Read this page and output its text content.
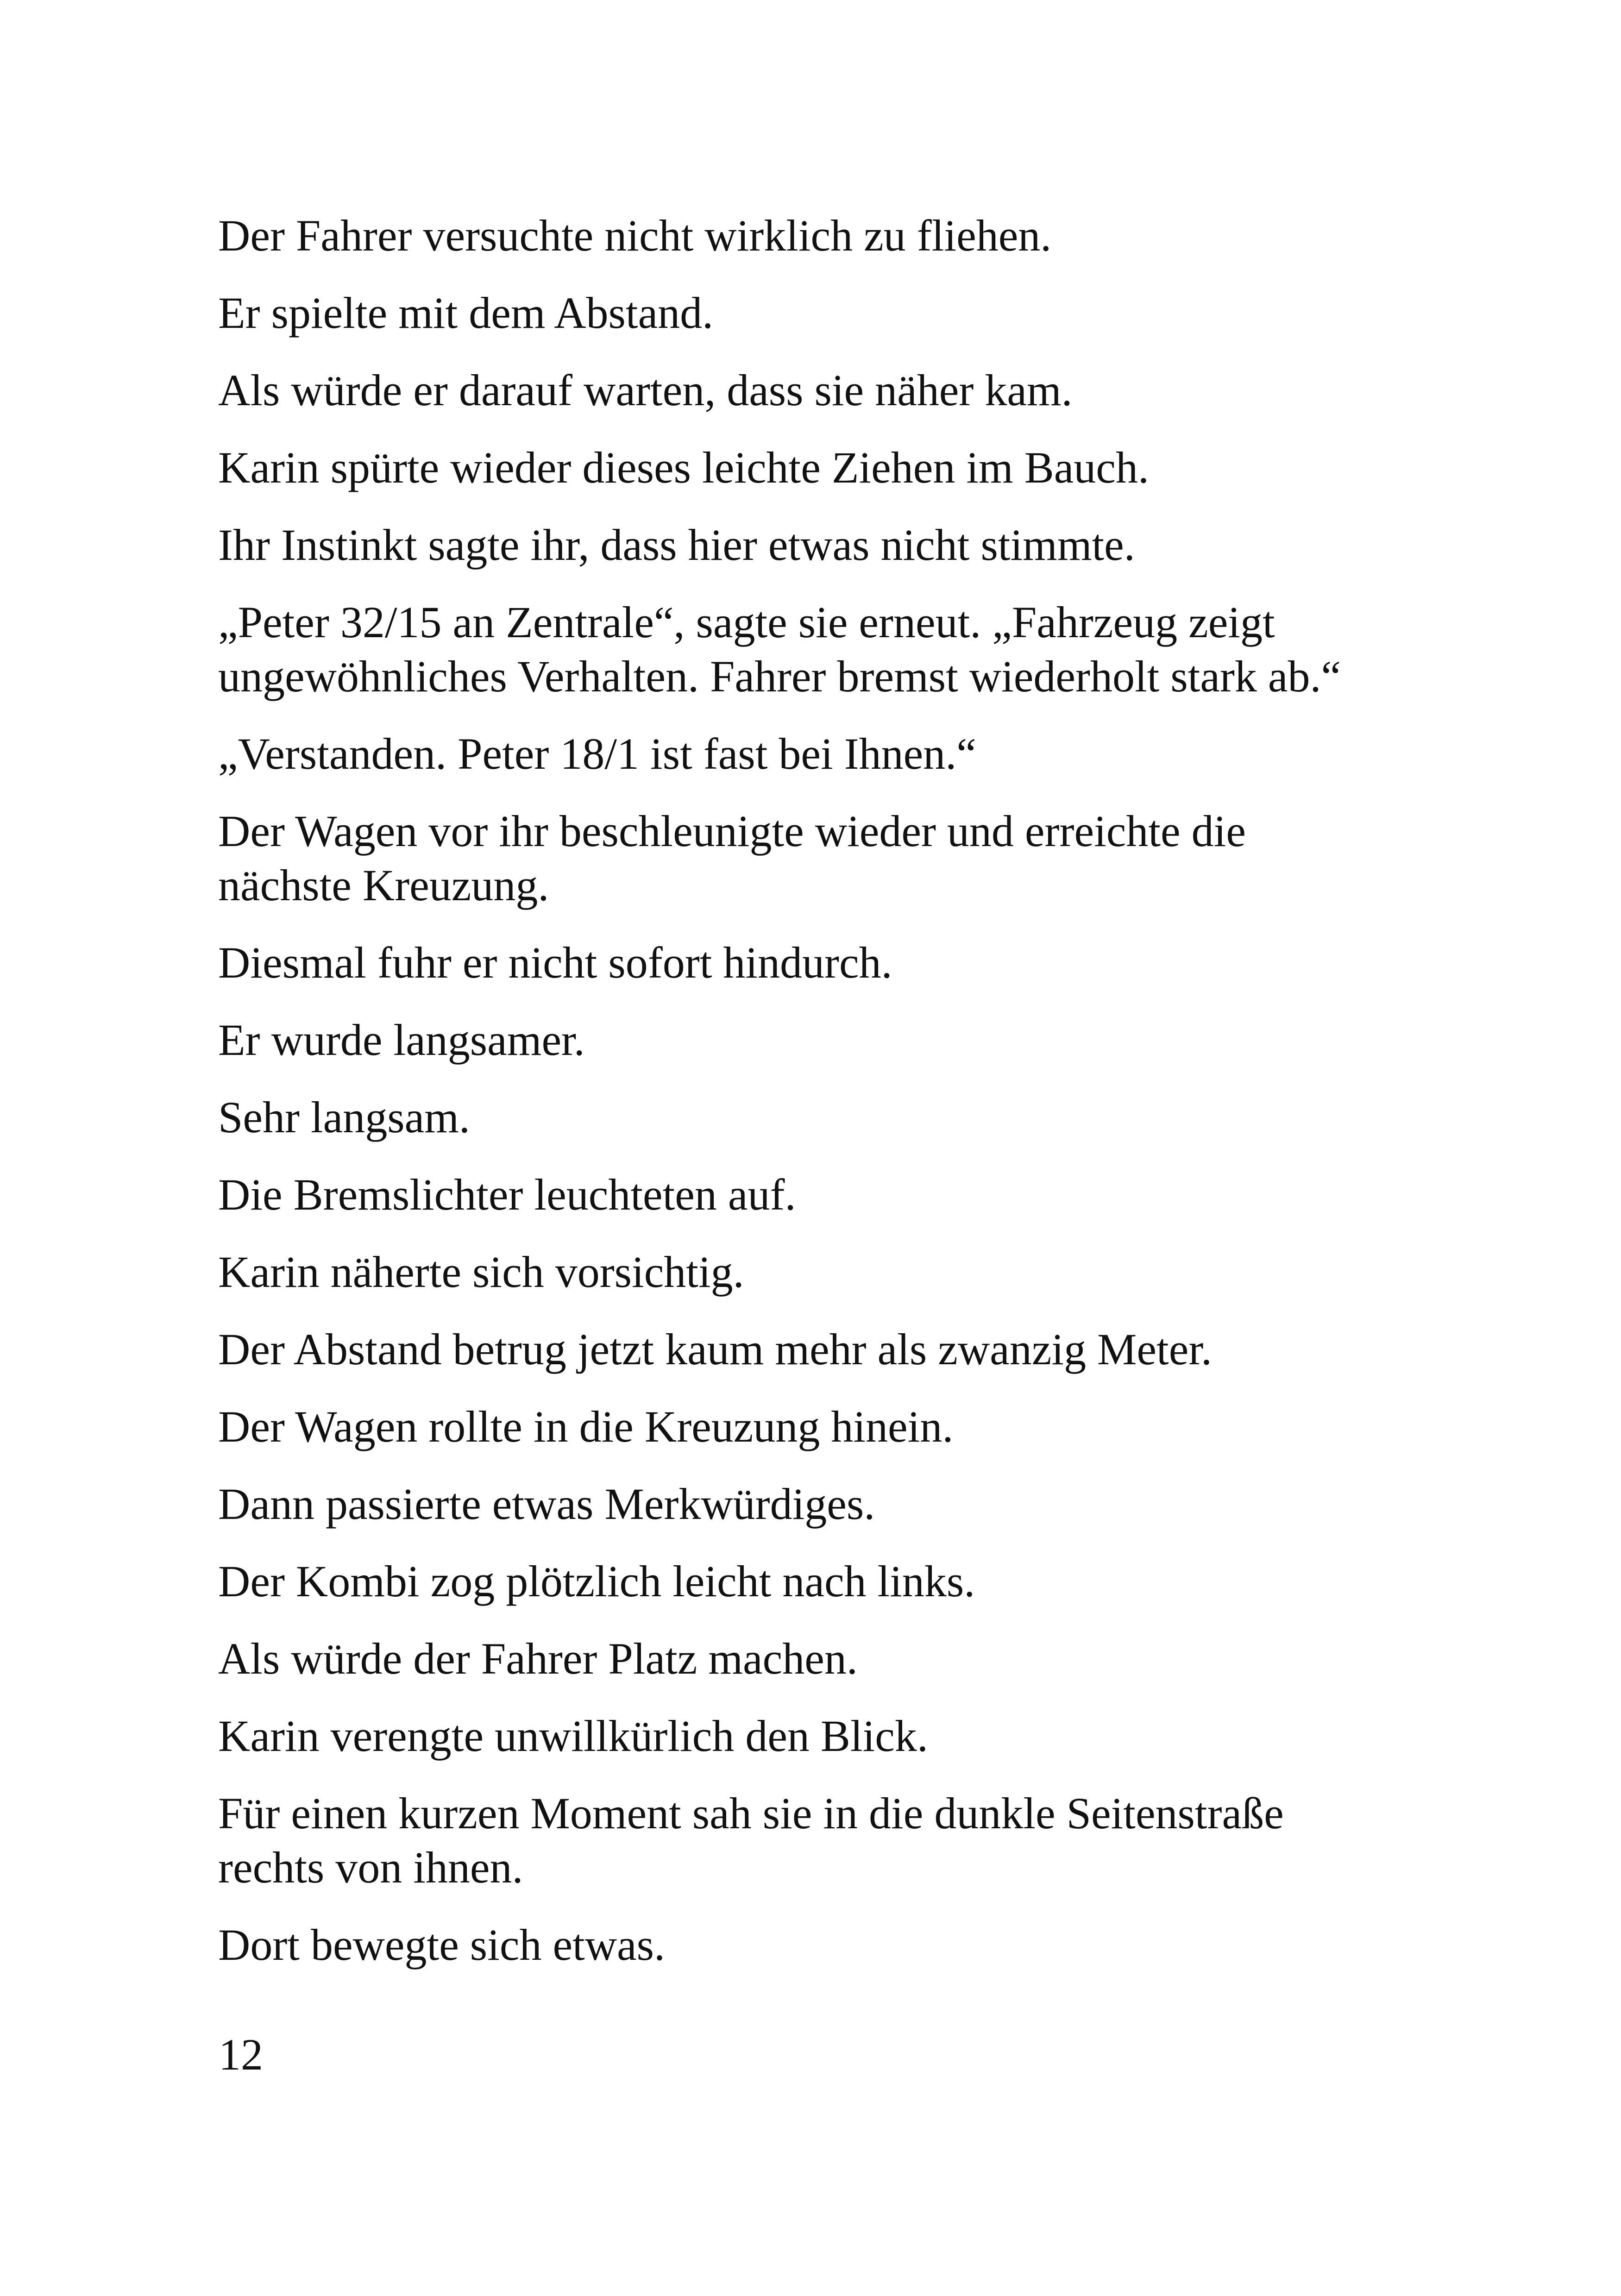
Der Fahrer versuchte nicht wirklich zu fliehen.

Er spielte mit dem Abstand.

Als würde er darauf warten, dass sie näher kam.

Karin spürte wieder dieses leichte Ziehen im Bauch.

Ihr Instinkt sagte ihr, dass hier etwas nicht stimmte.

„Peter 32/15 an Zentrale“, sagte sie erneut. „Fahrzeug zeigt
ungewöhnliches Verhalten. Fahrer bremst wiederholt stark ab.“

„Verstanden. Peter 18/1 ist fast bei Ihnen.“

Der Wagen vor ihr beschleunigte wieder und erreichte die
nächste Kreuzung.

Diesmal fuhr er nicht sofort hindurch.

Er wurde langsamer.

Sehr langsam.

Die Bremslichter leuchteten auf.

Karin näherte sich vorsichtig.

Der Abstand betrug jetzt kaum mehr als zwanzig Meter.

Der Wagen rollte in die Kreuzung hinein.

Dann passierte etwas Merkwürdiges.

Der Kombi zog plötzlich leicht nach links.

Als würde der Fahrer Platz machen.

Karin verengte unwillkürlich den Blick.

Für einen kurzen Moment sah sie in die dunkle Seitenstraße
rechts von ihnen.

Dort bewegte sich etwas.

12
